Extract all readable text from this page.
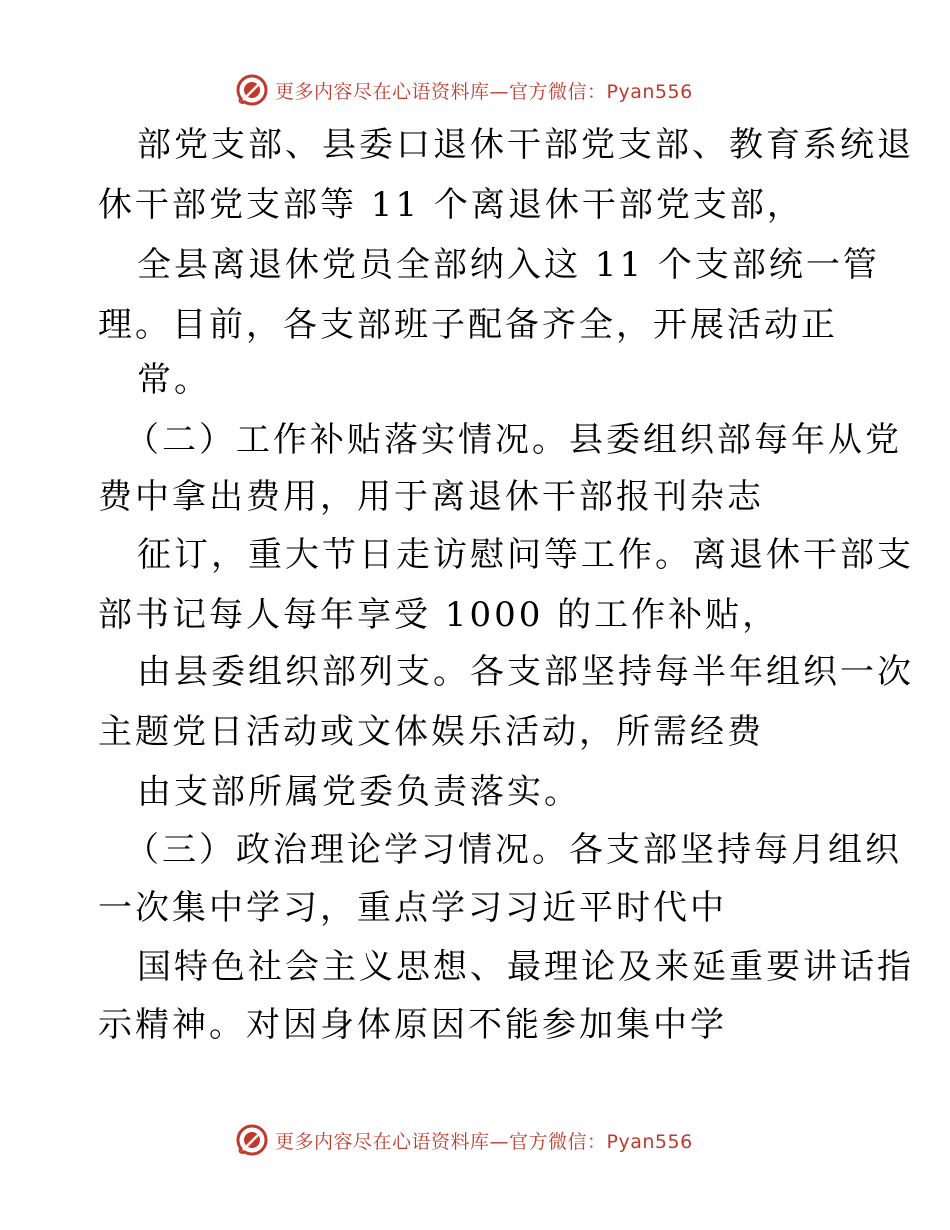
更多内容尽在心语资料库—官方微信：Pyan556
部党支部、县委口退休干部党支部、教育系统退
休干部党支部等 11 个离退休干部党支部，
全县离退休党员全部纳入这 11 个支部统一管
理。目前，各支部班子配备齐全，开展活动正
常。
（二）工作补贴落实情况。县委组织部每年从党
费中拿出费用，用于离退休干部报刊杂志
征订，重大节日走访慰问等工作。离退休干部支
部书记每人每年享受 1000 的工作补贴，
由县委组织部列支。各支部坚持每半年组织一次
主题党日活动或文体娱乐活动，所需经费
由支部所属党委负责落实。
（三）政治理论学习情况。各支部坚持每月组织
一次集中学习，重点学习习近平时代中
国特色社会主义思想、最理论及来延重要讲话指
示精神。对因身体原因不能参加集中学
更多内容尽在心语资料库—官方微信：Pyan556
